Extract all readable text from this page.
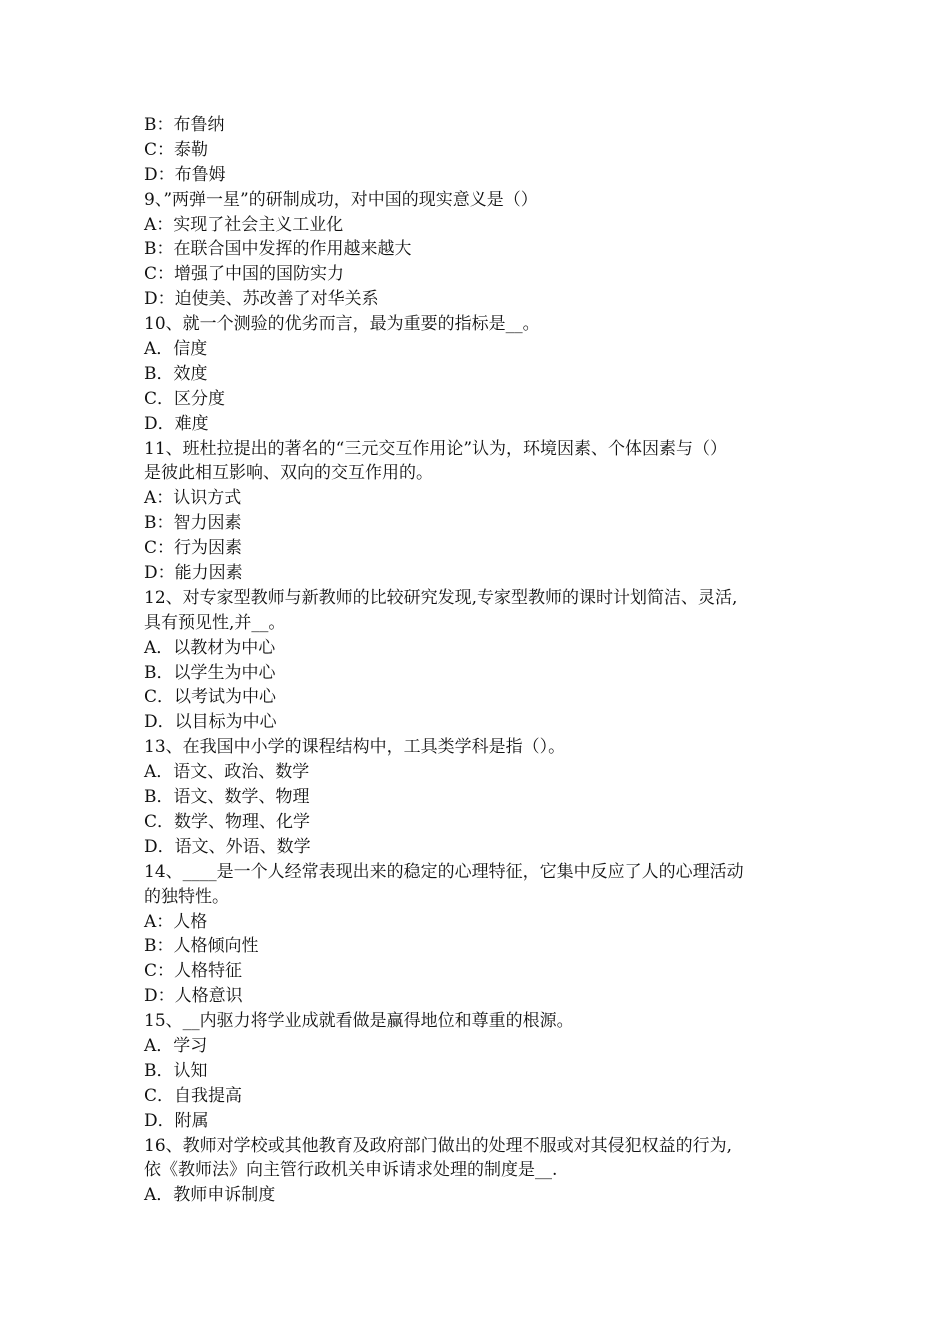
B：布鲁纳

C：泰勒

D：布鲁姆

9、”两弹一星”的研制成功，对中国的现实意义是（）

A：实现了社会主义工业化

B：在联合国中发挥的作用越来越大

C：增强了中国的国防实力

D：迫使美、苏改善了对华关系

10、就一个测验的优劣而言，最为重要的指标是__。

A．信度

B．效度

C．区分度

D．难度

11、班杜拉提出的著名的“三元交互作用论”认为，环境因素、个体因素与（）

是彼此相互影响、双向的交互作用的。

A：认识方式

B：智力因素

C：行为因素

D：能力因素

12、对专家型教师与新教师的比较研究发现,专家型教师的课时计划简洁、灵活,

具有预见性,并__。

A．以教材为中心

B．以学生为中心

C．以考试为中心

D．以目标为中心

13、在我国中小学的课程结构中，工具类学科是指（）。

A．语文、政治、数学

B．语文、数学、物理

C．数学、物理、化学

D．语文、外语、数学

14、____是一个人经常表现出来的稳定的心理特征，它集中反应了人的心理活动

的独特性。

A：人格

B：人格倾向性

C：人格特征

D：人格意识

15、__内驱力将学业成就看做是赢得地位和尊重的根源。

A．学习

B．认知

C．自我提高

D．附属

16、教师对学校或其他教育及政府部门做出的处理不服或对其侵犯权益的行为,

依《教师法》向主管行政机关申诉请求处理的制度是__.

A．教师申诉制度
